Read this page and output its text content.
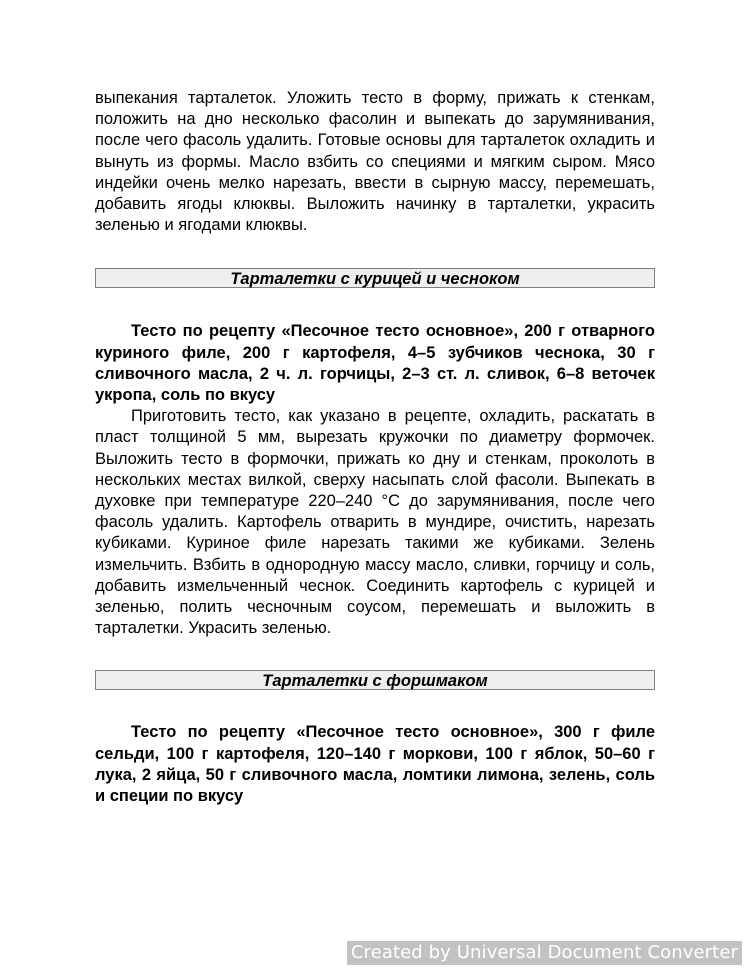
выпекания тарталеток. Уложить тесто в форму, прижать к стенкам, положить на дно несколько фасолин и выпекать до зарумянивания, после чего фасоль удалить. Готовые основы для тарталеток охладить и вынуть из формы. Масло взбить со специями и мягким сыром. Мясо индейки очень мелко нарезать, ввести в сырную массу, перемешать, добавить ягоды клюквы. Выложить начинку в тарталетки, украсить зеленью и ягодами клюквы.

Тарталетки с курицей и чесноком

Тесто по рецепту «Песочное тесто основное», 200 г отварного куриного филе, 200 г картофеля, 4–5 зубчиков чеснока, 30 г сливочного масла, 2 ч. л. горчицы, 2–3 ст. л. сливок, 6–8 веточек укропа, соль по вкусу

Приготовить тесто, как указано в рецепте, охладить, раскатать в пласт толщиной 5 мм, вырезать кружочки по диаметру формочек. Выложить тесто в формочки, прижать ко дну и стенкам, проколоть в нескольких местах вилкой, сверху насыпать слой фасоли. Выпекать в духовке при температуре 220–240 °C до зарумянивания, после чего фасоль удалить. Картофель отварить в мундире, очистить, нарезать кубиками. Куриное филе нарезать такими же кубиками. Зелень измельчить. Взбить в однородную массу масло, сливки, горчицу и соль, добавить измельченный чеснок. Соединить картофель с курицей и зеленью, полить чесночным соусом, перемешать и выложить в тарталетки. Украсить зеленью.

Тарталетки с форшмаком

Тесто по рецепту «Песочное тесто основное», 300 г филе сельди, 100 г картофеля, 120–140 г моркови, 100 г яблок, 50–60 г лука, 2 яйца, 50 г сливочного масла, ломтики лимона, зелень, соль и специи по вкусу

Created by Universal Document Converter
